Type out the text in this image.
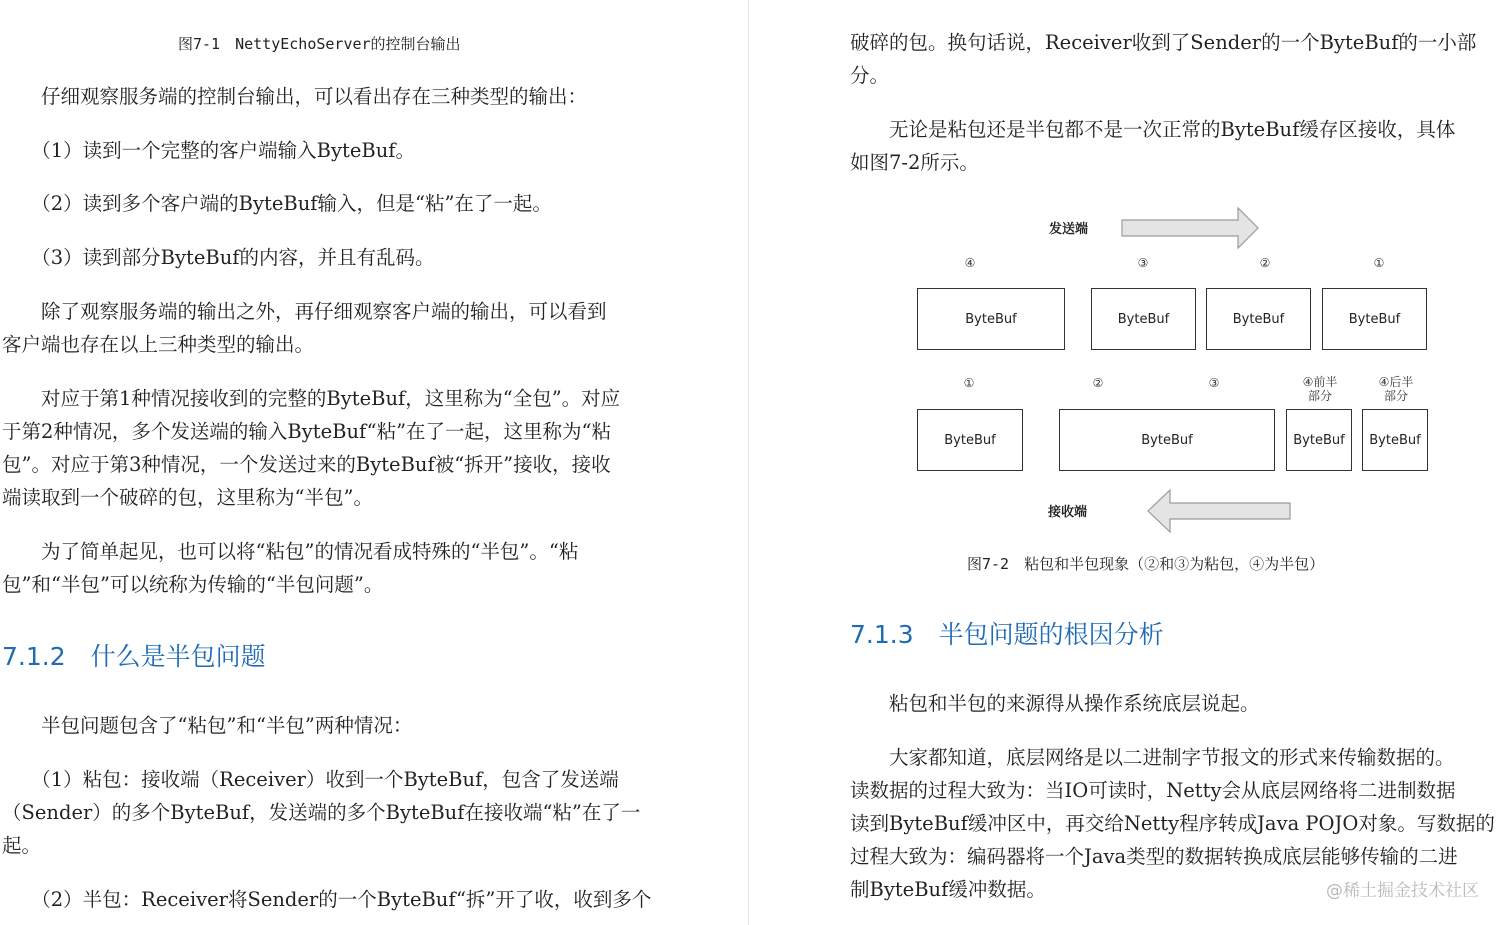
图7-1　NettyEchoServer的控制台输出

　　仔细观察服务端的控制台输出，可以看出存在三种类型的输出：

　　（1）读到一个完整的客户端输入ByteBuf。

　　（2）读到多个客户端的ByteBuf输入，但是“粘”在了一起。

　　（3）读到部分ByteBuf的内容，并且有乱码。

　　除了观察服务端的输出之外，再仔细观察客户端的输出，可以看到
客户端也存在以上三种类型的输出。

　　对应于第1种情况接收到的完整的ByteBuf，这里称为“全包”。对应
于第2种情况，多个发送端的输入ByteBuf“粘”在了一起，这里称为“粘
包”。对应于第3种情况，一个发送过来的ByteBuf被“拆开”接收，接收
端读取到一个破碎的包，这里称为“半包”。

　　为了简单起见，也可以将“粘包”的情况看成特殊的“半包”。“粘
包”和“半包”可以统称为传输的“半包问题”。

7.1.2　什么是半包问题

　　半包问题包含了“粘包”和“半包”两种情况：

　　（1）粘包：接收端（Receiver）收到一个ByteBuf，包含了发送端
（Sender）的多个ByteBuf，发送端的多个ByteBuf在接收端“粘”在了一
起。

　　（2）半包：Receiver将Sender的一个ByteBuf“拆”开了收，收到多个

破碎的包。换句话说，Receiver收到了Sender的一个ByteBuf的一小部
分。

　　无论是粘包还是半包都不是一次正常的ByteBuf缓存区接收，具体
如图7-2所示。

图7-2　粘包和半包现象（②和③为粘包，④为半包）
7.1.3　半包问题的根因分析

　　粘包和半包的来源得从操作系统底层说起。

　　大家都知道，底层网络是以二进制字节报文的形式来传输数据的。
读数据的过程大致为：当IO可读时，Netty会从底层网络将二进制数据
读到ByteBuf缓冲区中，再交给Netty程序转成Java POJO对象。写数据的
过程大致为：编码器将一个Java类型的数据转换成底层能够传输的二进
制ByteBuf缓冲数据。

发送端
④	③	②	①
ByteBuf	ByteBuf	ByteBuf	ByteBuf
①	②	③	④前半
部分
④后半
部分
ByteBuf	ByteBuf	ByteBuf	ByteBuf
接收端
@稀土掘金技术社区
